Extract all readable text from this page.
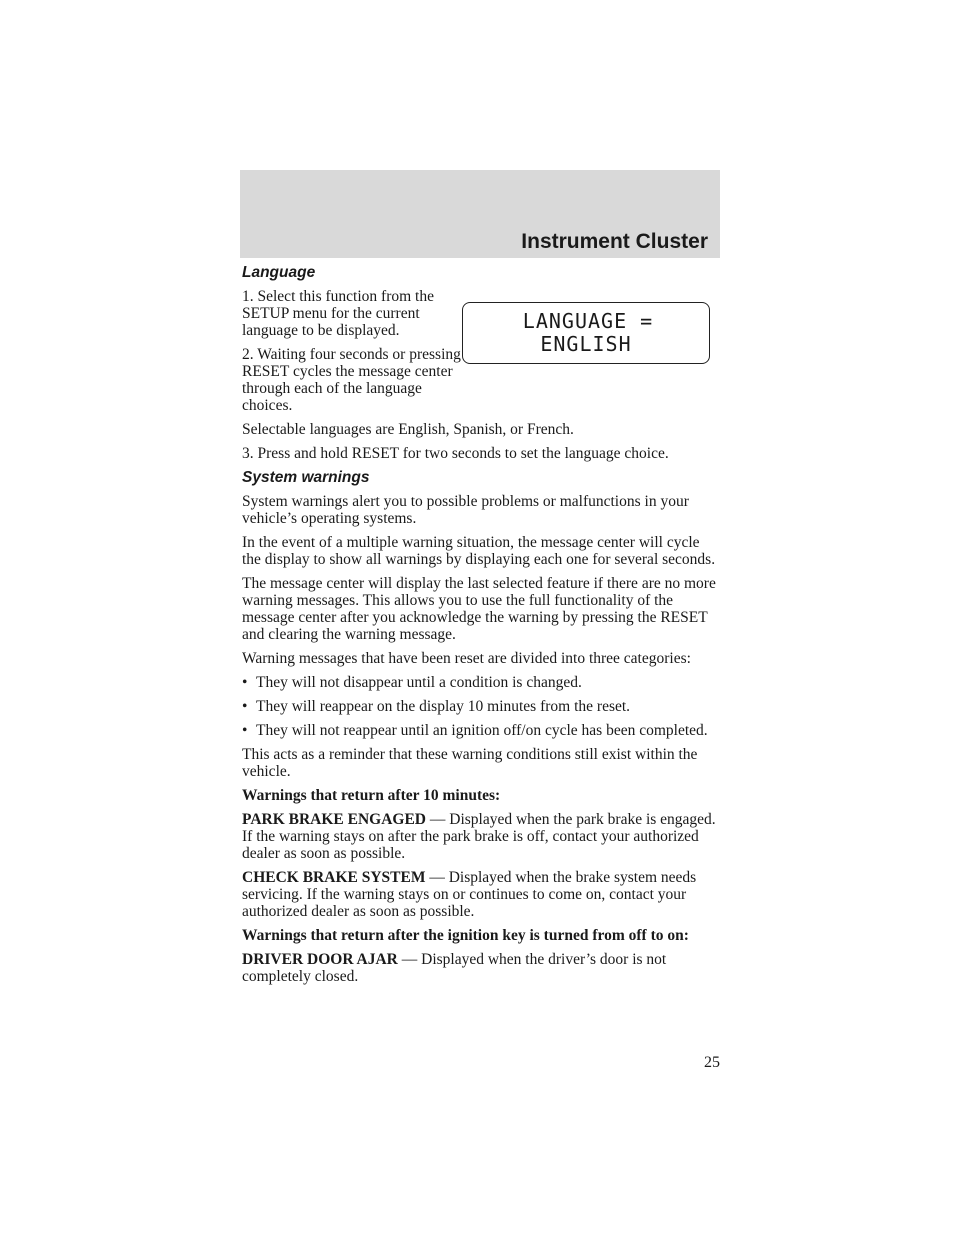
Instrument Cluster
LANGUAGE =
ENGLISH
Language

1. Select this function from the SETUP menu for the current language to be displayed.

2. Waiting four seconds or pressing RESET cycles the message center through each of the language choices.

Selectable languages are English, Spanish, or French.

3. Press and hold RESET for two seconds to set the language choice.

System warnings

System warnings alert you to possible problems or malfunctions in your vehicle’s operating systems.

In the event of a multiple warning situation, the message center will cycle the display to show all warnings by displaying each one for several seconds.

The message center will display the last selected feature if there are no more warning messages. This allows you to use the full functionality of the message center after you acknowledge the warning by pressing the RESET and clearing the warning message.

Warning messages that have been reset are divided into three categories:

• They will not disappear until a condition is changed.
• They will reappear on the display 10 minutes from the reset.
• They will not reappear until an ignition off/on cycle has been completed.

This acts as a reminder that these warning conditions still exist within the vehicle.

Warnings that return after 10 minutes:

PARK BRAKE ENGAGED — Displayed when the park brake is engaged. If the warning stays on after the park brake is off, contact your authorized dealer as soon as possible.

CHECK BRAKE SYSTEM — Displayed when the brake system needs servicing. If the warning stays on or continues to come on, contact your authorized dealer as soon as possible.

Warnings that return after the ignition key is turned from off to on:

DRIVER DOOR AJAR — Displayed when the driver’s door is not completely closed.

25
